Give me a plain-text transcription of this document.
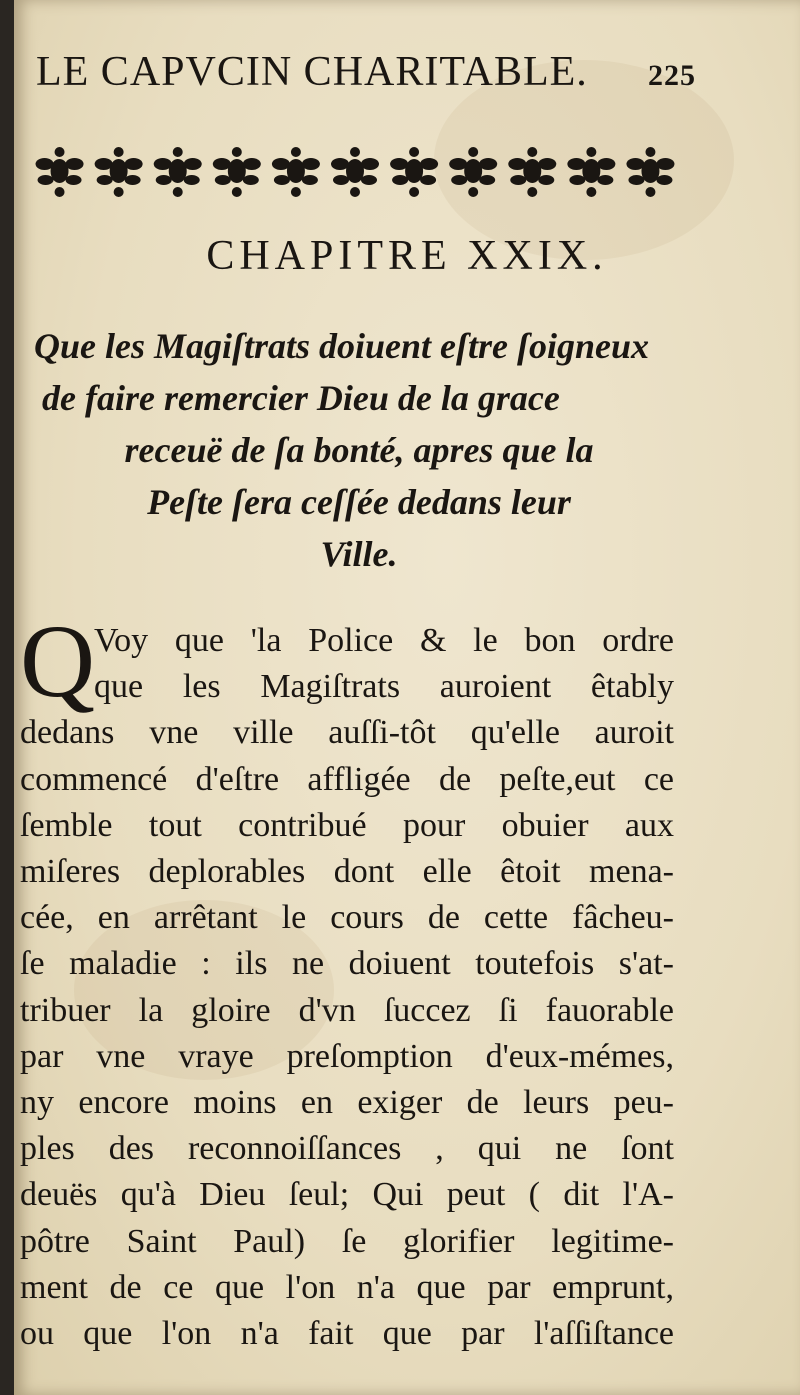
LE CAPVCIN CHARITABLE.	225
CHAPITRE XXIX.
Que les Magiſtrats doiuent eſtre ſoigneux
de faire remercier Dieu de la grace
receuë de ſa bonté, apres que la
Peſte ſera ceſſée dedans leur
Ville.
Q
Voy que 'la Police & le bon ordre
que les Magiſtrats auroient êtably
dedans vne ville auſſi-tôt qu'elle auroit
commencé d'eſtre affligée de peſte,eut ce
ſemble tout contribué pour obuier aux
miſeres deplorables dont elle êtoit mena-
cée, en arrêtant le cours de cette fâcheu-
ſe maladie : ils ne doiuent toutefois s'at-
tribuer la gloire d'vn ſuccez ſi fauorable
par vne vraye preſomption d'eux-mémes,
ny encore moins en exiger de leurs peu-
ples des reconnoiſſances , qui ne ſont
deuës qu'à Dieu ſeul; Qui peut ( dit l'A-
pôtre Saint Paul) ſe glorifier legitime-
ment de ce que l'on n'a que par emprunt,
ou que l'on n'a fait que par l'aſſiſtance
